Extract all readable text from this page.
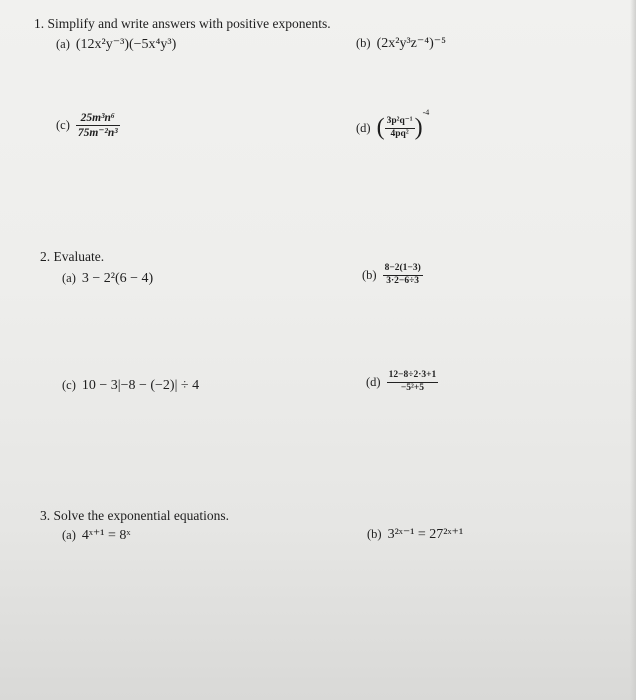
1. Simplify and write answers with positive exponents.
(a) (12x²y⁻³)(−5x⁴y³)	(b) (2x²y³z⁻⁴)⁻⁵
$(c) \frac{\text{25m³n⁶}}{\text{75m⁻²n³}}$	(d) ( $\frac{\text{3p²q⁻¹}}{\text{4pq²}} )^{-4}$
2. Evaluate.
(a) 3 − 2²(6 − 4)	$(b) \frac{8-2(1-3)}{3\cdot 2-6\div 3}$
(c) 10 − 3|−8 − (−2)| ÷ 4	$(d) \frac{12-8\div 2\cdot 3+1}{\text{−5²+5}}$
3. Solve the exponential equations.
(a) 4ˣ⁺¹ = 8ˣ	(b) 3²ˣ⁻¹ = 27²ˣ⁺¹
